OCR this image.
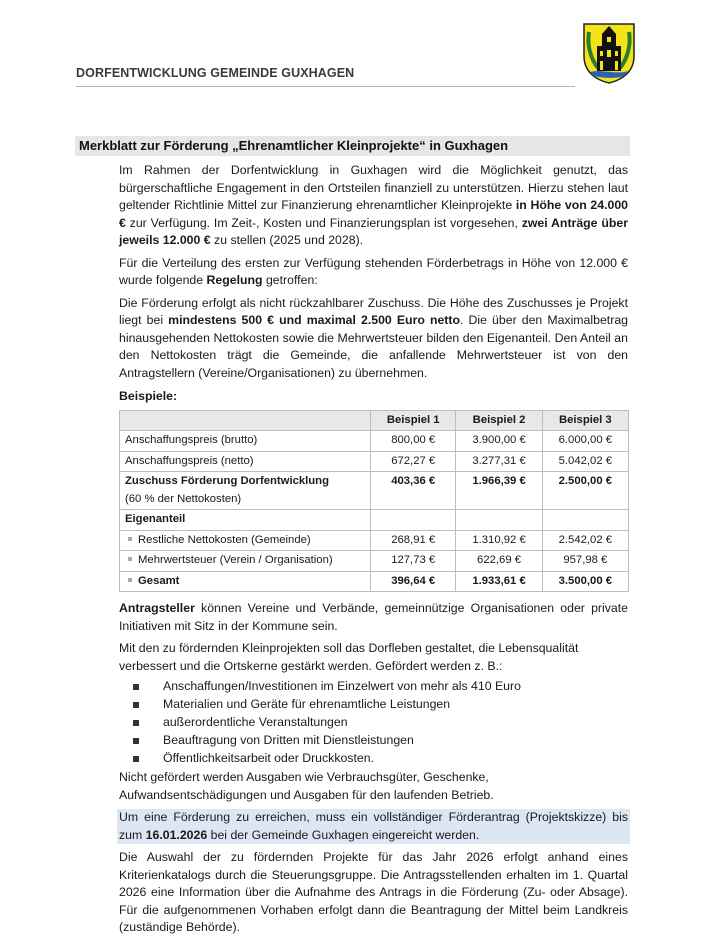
DORFENTWICKLUNG GEMEINDE GUXHAGEN
Merkblatt zur Förderung „Ehrenamtlicher Kleinprojekte“ in Guxhagen

Im Rahmen der Dorfentwicklung in Guxhagen wird die Möglichkeit genutzt, das bürgerschaftliche Engagement in den Ortsteilen finanziell zu unterstützen. Hierzu stehen laut geltender Richtlinie Mittel zur Finanzierung ehrenamtlicher Kleinprojekte in Höhe von 24.000 € zur Verfügung. Im Zeit-, Kosten und Finanzierungsplan ist vorgesehen, zwei Anträge über jeweils 12.000 € zu stellen (2025 und 2028).

Für die Verteilung des ersten zur Verfügung stehenden Förderbetrags in Höhe von 12.000 € wurde folgende Regelung getroffen:

Die Förderung erfolgt als nicht rückzahlbarer Zuschuss. Die Höhe des Zuschusses je Projekt liegt bei mindestens 500 € und maximal 2.500 Euro netto. Die über den Maximalbetrag hinausgehenden Nettokosten sowie die Mehrwertsteuer bilden den Eigenanteil. Den Anteil an den Nettokosten trägt die Gemeinde, die anfallende Mehrwertsteuer ist von den Antragstellern (Vereine/Organisationen) zu übernehmen.

Beispiele:
	Beispiel 1	Beispiel 2	Beispiel 3
Anschaffungspreis (brutto)	800,00 €	3.900,00 €	6.000,00 €
Anschaffungspreis (netto)	672,27 €	3.277,31 €	5.042,02 €
Zuschuss Förderung Dorfentwicklung
(60 % der Nettokosten)	403,36 €	1.966,39 €	2.500,00 €
Eigenanteil			
Restliche Nettokosten (Gemeinde)	268,91 €	1.310,92 €	2.542,02 €
Mehrwertsteuer (Verein / Organisation)	127,73 €	622,69 €	957,98 €
Gesamt	396,64 €	1.933,61 €	3.500,00 €

Antragsteller können Vereine und Verbände, gemeinnützige Organisationen oder private Initiativen mit Sitz in der Kommune sein.

Mit den zu fördernden Kleinprojekten soll das Dorfleben gestaltet, die Lebensqualität verbessert und die Ortskerne gestärkt werden. Gefördert werden z. B.:

Anschaffungen/Investitionen im Einzelwert von mehr als 410 Euro
Materialien und Geräte für ehrenamtliche Leistungen
außerordentliche Veranstaltungen
Beauftragung von Dritten mit Dienstleistungen
Öffentlichkeitsarbeit oder Druckkosten.

Nicht gefördert werden Ausgaben wie Verbrauchsgüter, Geschenke, Aufwandsentschädigungen und Ausgaben für den laufenden Betrieb.

Um eine Förderung zu erreichen, muss ein vollständiger Förderantrag (Projektskizze) bis zum 16.01.2026 bei der Gemeinde Guxhagen eingereicht werden.

Die Auswahl der zu fördernden Projekte für das Jahr 2026 erfolgt anhand eines Kriterienkatalogs durch die Steuerungsgruppe. Die Antragsstellenden erhalten im 1. Quartal 2026 eine Information über die Aufnahme des Antrags in die Förderung (Zu- oder Absage). Für die aufgenommenen Vorhaben erfolgt dann die Beantragung der Mittel beim Landkreis (zuständige Behörde).
